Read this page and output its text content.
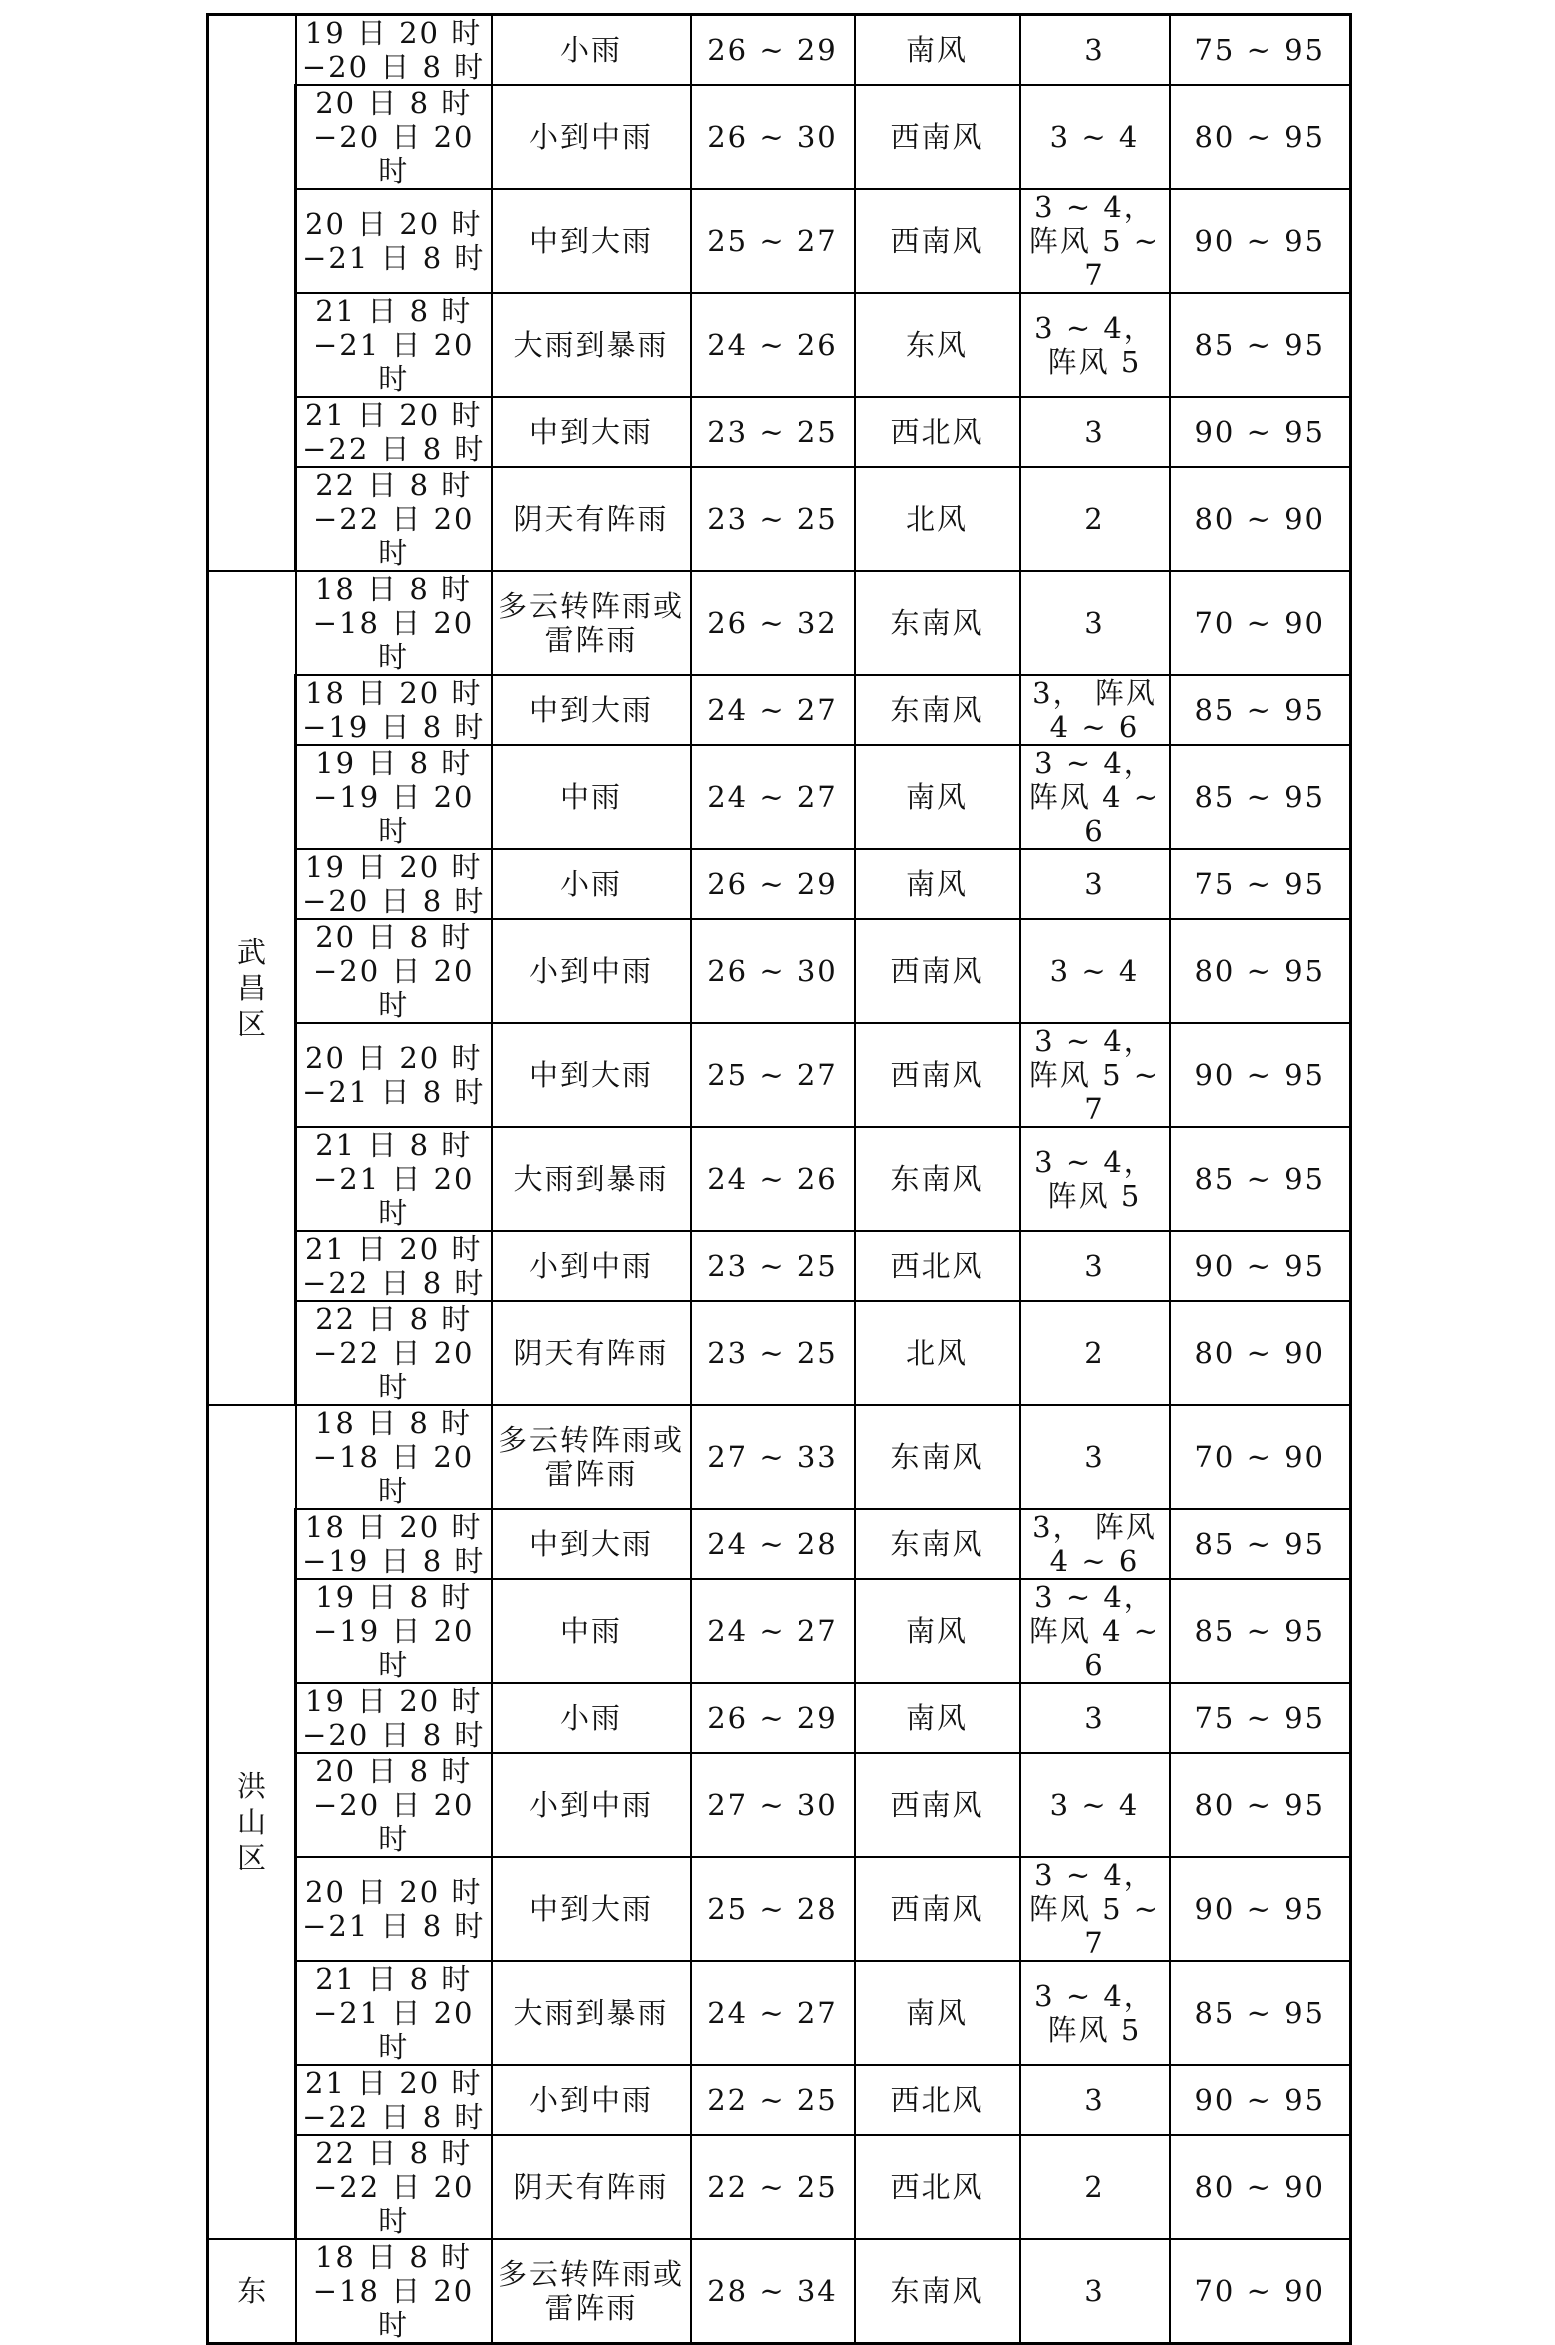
	19 日 20 时 −20 日 8 时	小雨	26 ~ 29	南风	3	75 ~ 95
	20 日 8 时 −20 日 20 时	小到中雨	26 ~ 30	西南风	3 ~ 4	80 ~ 95
	20 日 20 时 −21 日 8 时	中到大雨	25 ~ 27	西南风	3 ~ 4，阵风 5 ~ 7	90 ~ 95
	21 日 8 时 −21 日 20 时	大雨到暴雨	24 ~ 26	东风	3 ~ 4，阵风 5	85 ~ 95
	21 日 20 时 −22 日 8 时	中到大雨	23 ~ 25	西北风	3	90 ~ 95
	22 日 8 时 −22 日 20 时	阴天有阵雨	23 ~ 25	北风	2	80 ~ 90
武昌区	18 日 8 时 −18 日 20 时	多云转阵雨或雷阵雨	26 ~ 32	东南风	3	70 ~ 90
	18 日 20 时 −19 日 8 时	中到大雨	24 ~ 27	东南风	3， 阵风 4 ~ 6	85 ~ 95
	19 日 8 时 −19 日 20 时	中雨	24 ~ 27	南风	3 ~ 4，阵风 4 ~ 6	85 ~ 95
	19 日 20 时 −20 日 8 时	小雨	26 ~ 29	南风	3	75 ~ 95
	20 日 8 时 −20 日 20 时	小到中雨	26 ~ 30	西南风	3 ~ 4	80 ~ 95
	20 日 20 时 −21 日 8 时	中到大雨	25 ~ 27	西南风	3 ~ 4，阵风 5 ~ 7	90 ~ 95
	21 日 8 时 −21 日 20 时	大雨到暴雨	24 ~ 26	东南风	3 ~ 4，阵风 5	85 ~ 95
	21 日 20 时 −22 日 8 时	小到中雨	23 ~ 25	西北风	3	90 ~ 95
	22 日 8 时 −22 日 20 时	阴天有阵雨	23 ~ 25	北风	2	80 ~ 90
洪山区	18 日 8 时 −18 日 20 时	多云转阵雨或雷阵雨	27 ~ 33	东南风	3	70 ~ 90
	18 日 20 时 −19 日 8 时	中到大雨	24 ~ 28	东南风	3， 阵风 4 ~ 6	85 ~ 95
	19 日 8 时 −19 日 20 时	中雨	24 ~ 27	南风	3 ~ 4，阵风 4 ~ 6	85 ~ 95
	19 日 20 时 −20 日 8 时	小雨	26 ~ 29	南风	3	75 ~ 95
	20 日 8 时 −20 日 20 时	小到中雨	27 ~ 30	西南风	3 ~ 4	80 ~ 95
	20 日 20 时 −21 日 8 时	中到大雨	25 ~ 28	西南风	3 ~ 4，阵风 5 ~ 7	90 ~ 95
	21 日 8 时 −21 日 20 时	大雨到暴雨	24 ~ 27	南风	3 ~ 4，阵风 5	85 ~ 95
	21 日 20 时 −22 日 8 时	小到中雨	22 ~ 25	西北风	3	90 ~ 95
	22 日 8 时 −22 日 20 时	阴天有阵雨	22 ~ 25	西北风	2	80 ~ 90
东	18 日 8 时 −18 日 20 时	多云转阵雨或雷阵雨	28 ~ 34	东南风	3	70 ~ 90
